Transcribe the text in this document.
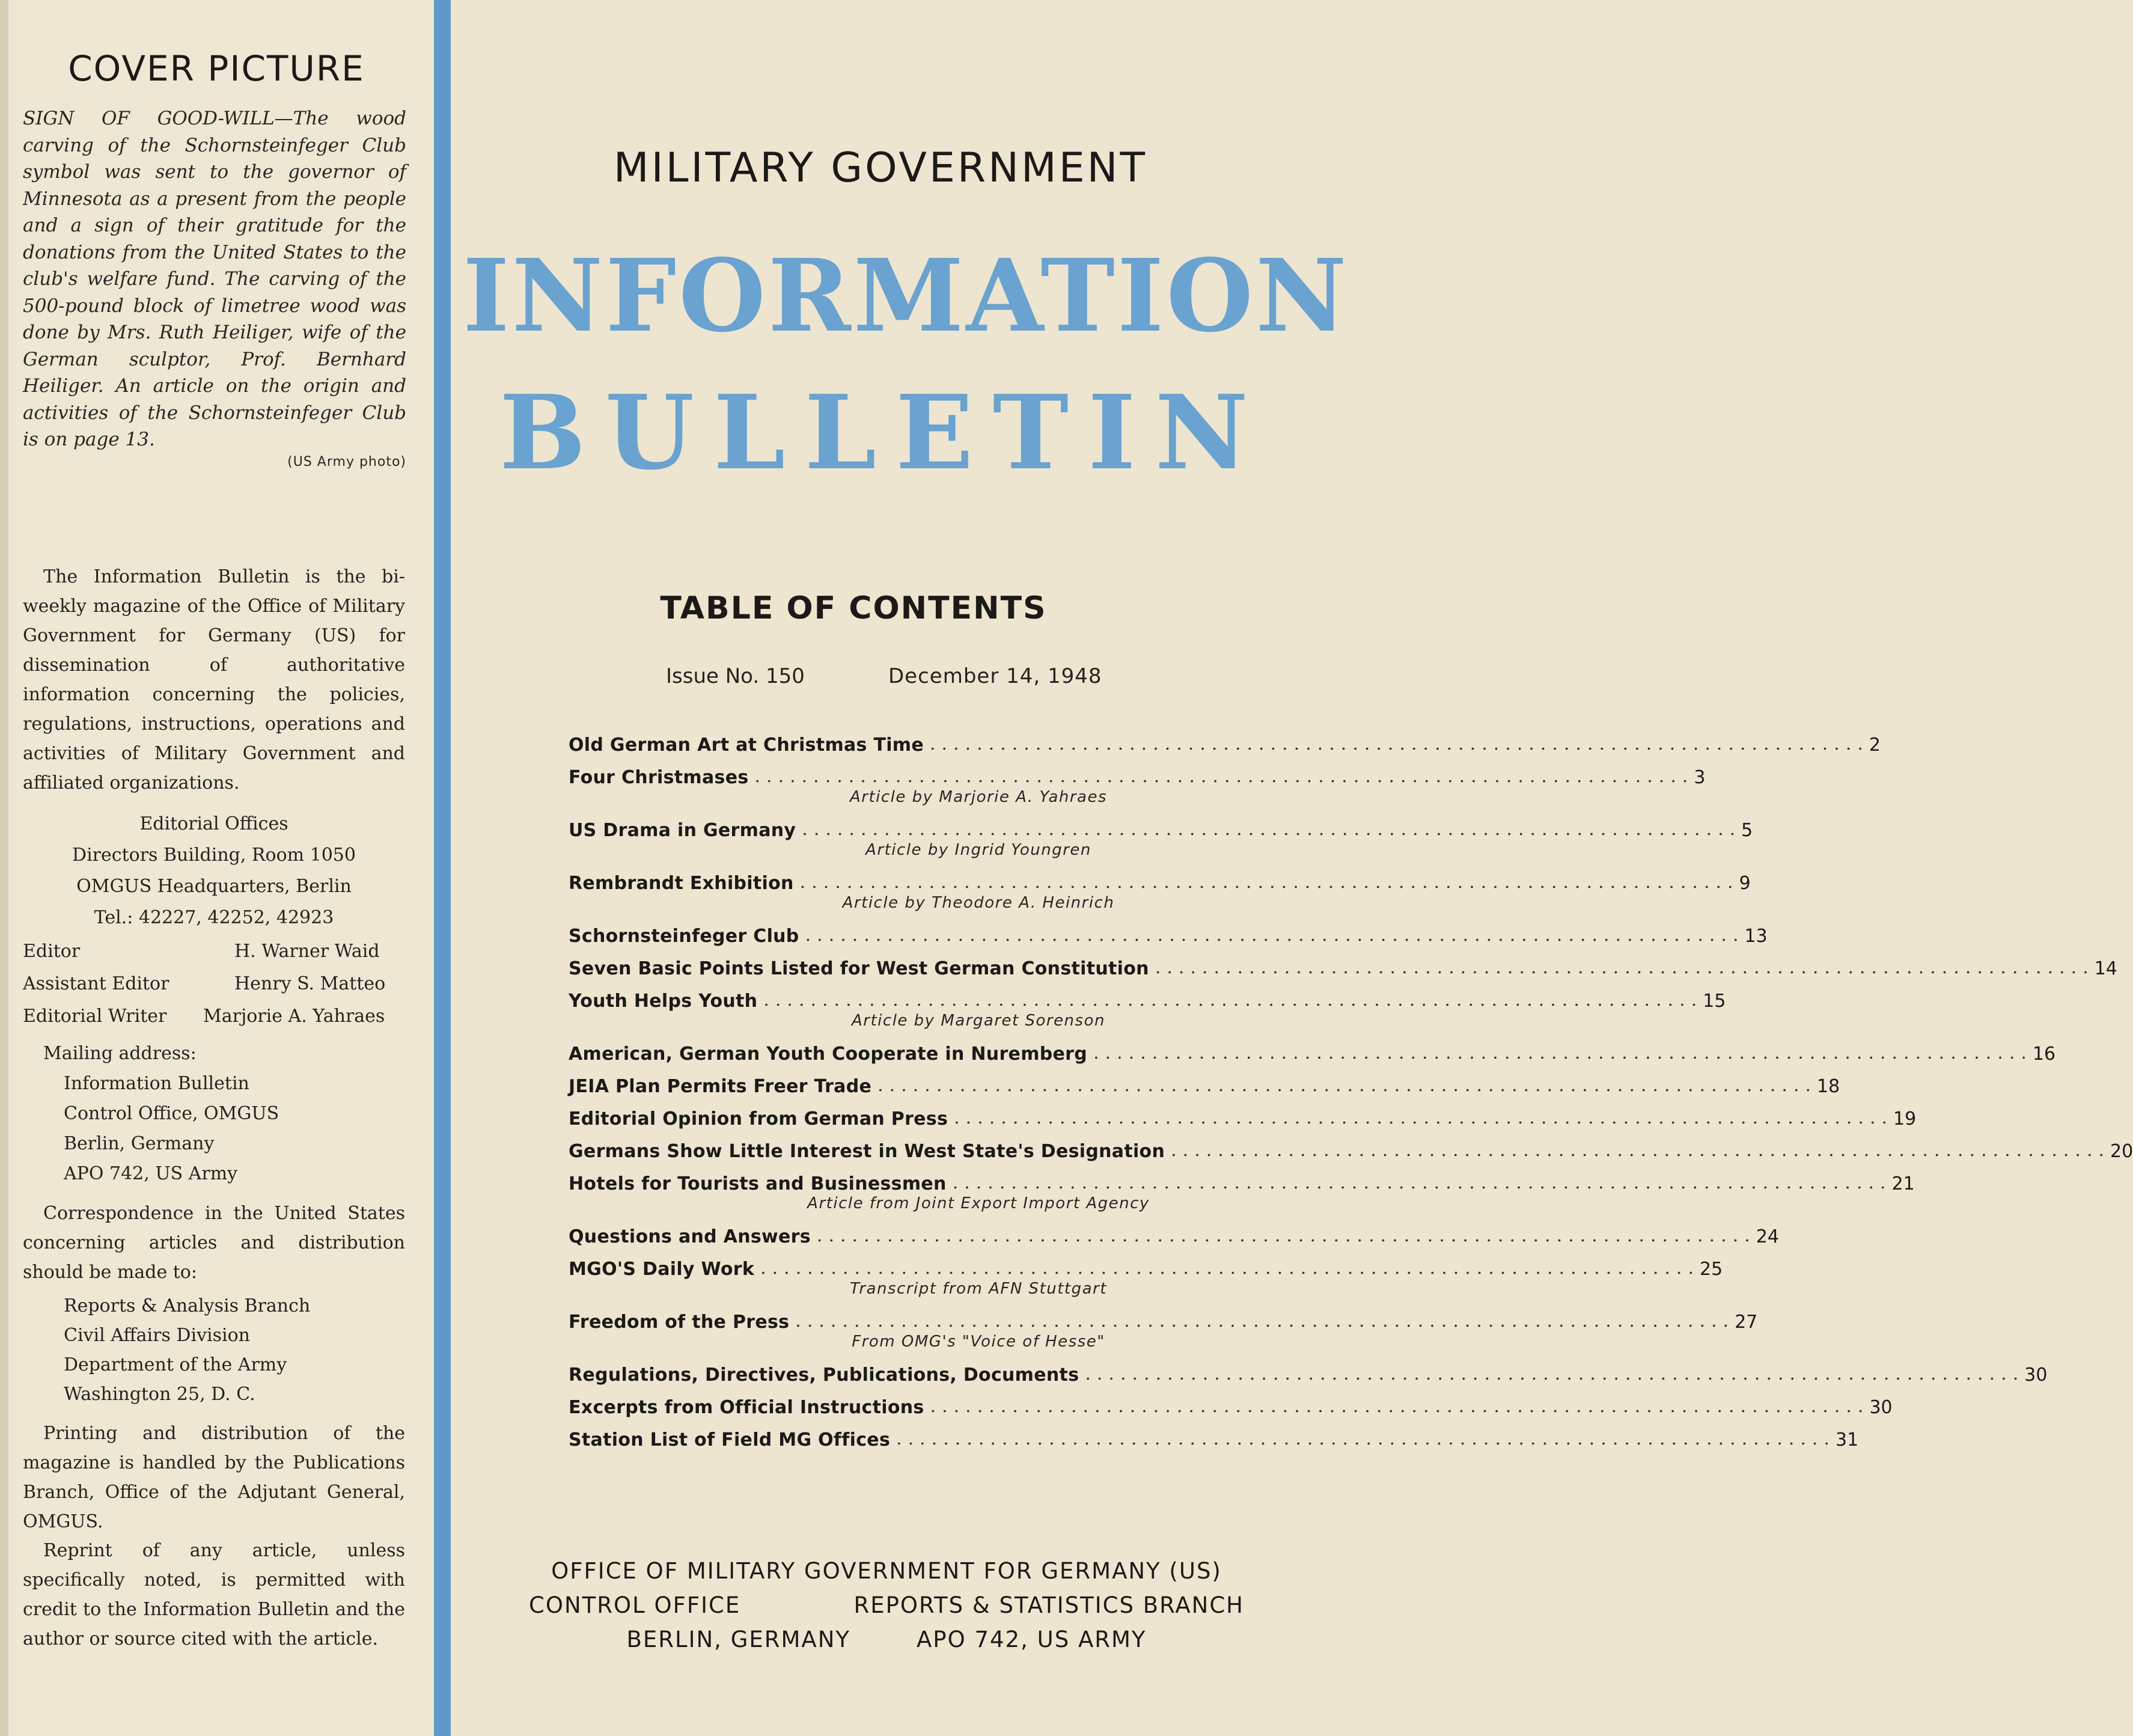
COVER PICTURE
SIGN OF GOOD-WILL—The wood carving of the Schornsteinfeger Club symbol was sent to the governor of Minnesota as a present from the people and a sign of their gratitude for the donations from the United States to the club's welfare fund. The carving of the 500-pound block of limetree wood was done by Mrs. Ruth Heiliger, wife of the German sculptor, Prof. Bernhard Heiliger. An article on the origin and activities of the Schornsteinfeger Club is on page 13.
(US Army photo)
The Information Bulletin is the bi-weekly magazine of the Office of Military Government for Germany (US) for dissemination of authoritative information concerning the policies, regulations, instructions, operations and activities of Military Government and affiliated organizations.
Editorial Offices
Directors Building, Room 1050
OMGUS Headquarters, Berlin
Tel.: 42227, 42252, 42923
Editor	H. Warner Waid
Assistant Editor	Henry S. Matteo
Editorial Writer Marjorie A. Yahraes
Mailing address:
Information Bulletin
Control Office, OMGUS
Berlin, Germany
APO 742, US Army
Correspondence in the United States concerning articles and distribution should be made to:
Reports & Analysis Branch
Civil Affairs Division
Department of the Army
Washington 25, D. C.
Printing and distribution of the magazine is handled by the Publications Branch, Office of the Adjutant General, OMGUS.
Reprint of any article, unless specifically noted, is permitted with credit to the Information Bulletin and the author or source cited with the article.
MILITARY GOVERNMENT
INFORMATION
BULLETIN
TABLE OF CONTENTS
Issue No. 150	December 14, 1948
Old German Art at Christmas Time ................................................................................ 2
Four Christmases ................................................................................ 3
Article by Marjorie A. Yahraes
US Drama in Germany ................................................................................ 5
Article by Ingrid Youngren
Rembrandt Exhibition ................................................................................ 9
Article by Theodore A. Heinrich
Schornsteinfeger Club ................................................................................ 13
Seven Basic Points Listed for West German Constitution ................................................................................ 14
Youth Helps Youth ................................................................................ 15
Article by Margaret Sorenson
American, German Youth Cooperate in Nuremberg ................................................................................ 16
JEIA Plan Permits Freer Trade ................................................................................ 18
Editorial Opinion from German Press ................................................................................ 19
Germans Show Little Interest in West State's Designation ................................................................................ 20
Hotels for Tourists and Businessmen ................................................................................ 21
Article from Joint Export Import Agency
Questions and Answers ................................................................................ 24
MGO'S Daily Work ................................................................................ 25
Transcript from AFN Stuttgart
Freedom of the Press ................................................................................ 27
From OMG's "Voice of Hesse"
Regulations, Directives, Publications, Documents ................................................................................ 30
Excerpts from Official Instructions ................................................................................ 30
Station List of Field MG Offices ................................................................................ 31
OFFICE OF MILITARY GOVERNMENT FOR GERMANY (US)
CONTROL OFFICE	REPORTS & STATISTICS BRANCH
BERLIN, GERMANY	APO 742, US ARMY
